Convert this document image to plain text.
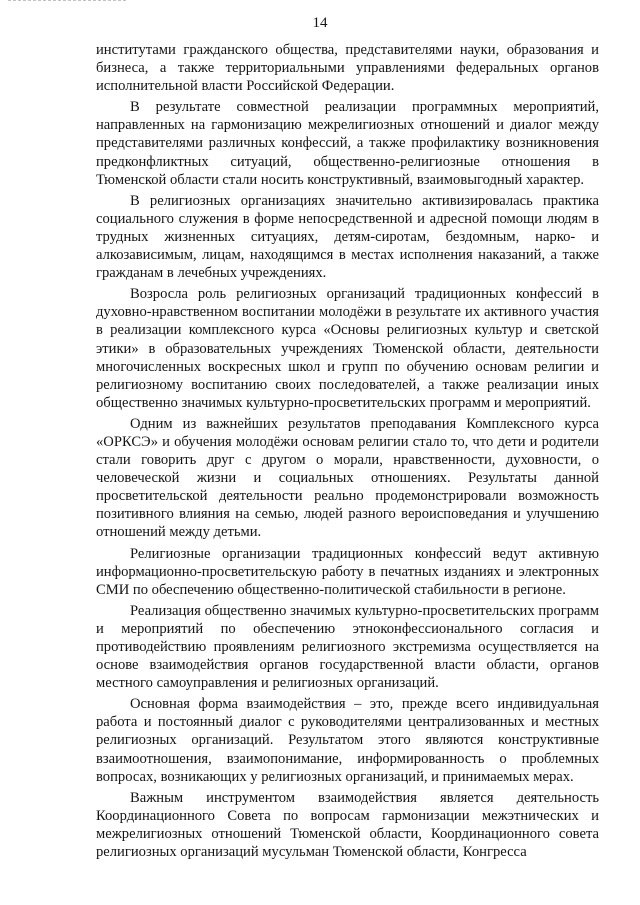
14

институтами гражданского общества, представителями науки, образования и бизнеса, а также территориальными управлениями федеральных органов исполнительной власти Российской Федерации.

В результате совместной реализации программных мероприятий, направленных на гармонизацию межрелигиозных отношений и диалог между представителями различных конфессий, а также профилактику возникновения предконфликтных ситуаций, общественно-религиозные отношения в Тюменской области стали носить конструктивный, взаимовыгодный характер.

В религиозных организациях значительно активизировалась практика социального служения в форме непосредственной и адресной помощи людям в трудных жизненных ситуациях, детям-сиротам, бездомным, нарко- и алкозависимым, лицам, находящимся в местах исполнения наказаний, а также гражданам в лечебных учреждениях.

Возросла роль религиозных организаций традиционных конфессий в духовно-нравственном воспитании молодёжи в результате их активного участия в реализации комплексного курса «Основы религиозных культур и светской этики» в образовательных учреждениях Тюменской области, деятельности многочисленных воскресных школ и групп по обучению основам религии и религиозному воспитанию своих последователей, а также реализации иных общественно значимых культурно-просветительских программ и мероприятий.

Одним из важнейших результатов преподавания Комплексного курса «ОРКСЭ» и обучения молодёжи основам религии стало то, что дети и родители стали говорить друг с другом о морали, нравственности, духовности, о человеческой жизни и социальных отношениях. Результаты данной просветительской деятельности реально продемонстрировали возможность позитивного влияния на семью, людей разного вероисповедания и улучшению отношений между детьми.

Религиозные организации традиционных конфессий ведут активную информационно-просветительскую работу в печатных изданиях и электронных СМИ по обеспечению общественно-политической стабильности в регионе.

Реализация общественно значимых культурно-просветительских программ и мероприятий по обеспечению этноконфессионального согласия и противодействию проявлениям религиозного экстремизма осуществляется на основе взаимодействия органов государственной власти области, органов местного самоуправления и религиозных организаций.

Основная форма взаимодействия – это, прежде всего индивидуальная работа и постоянный диалог с руководителями централизованных и местных религиозных организаций. Результатом этого являются конструктивные взаимоотношения, взаимопонимание, информированность о проблемных вопросах, возникающих у религиозных организаций, и принимаемых мерах.

Важным инструментом взаимодействия является деятельность Координационного Совета по вопросам гармонизации межэтнических и межрелигиозных отношений Тюменской области, Координационного совета религиозных организаций мусульман Тюменской области, Конгресса
